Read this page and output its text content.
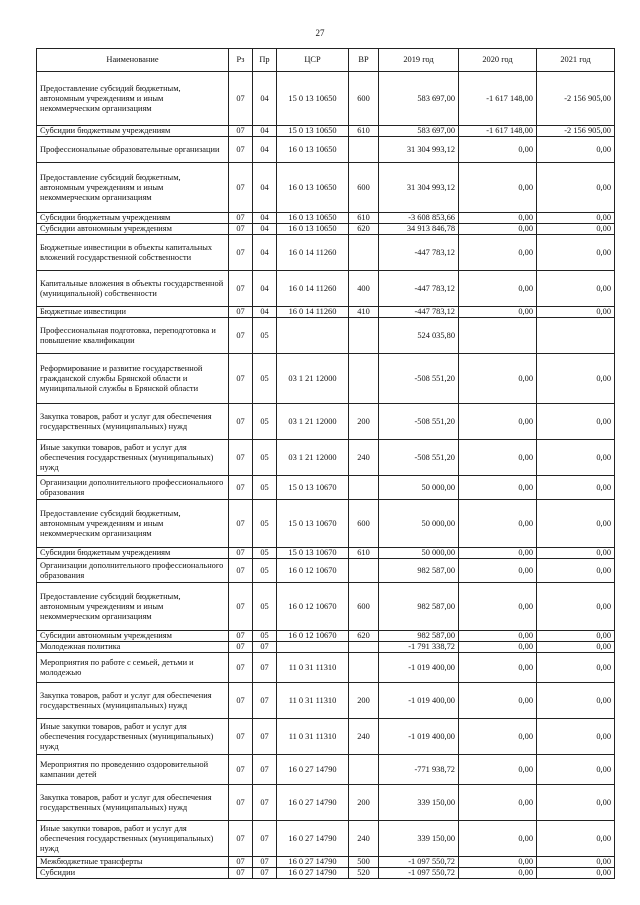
27
Наименование	Рз	Пр	ЦСР	ВР	2019 год	2020 год	2021 год
Предоставление субсидий бюджетным, автономным учреждениям и иным некоммерческим организациям	07	04	15 0 13 10650	600	583 697,00	-1 617 148,00	-2 156 905,00
Субсидии бюджетным учреждениям	07	04	15 0 13 10650	610	583 697,00	-1 617 148,00	-2 156 905,00
Профессиональные образовательные организации	07	04	16 0 13 10650		31 304 993,12	0,00	0,00
Предоставление субсидий бюджетным, автономным учреждениям и иным некоммерческим организациям	07	04	16 0 13 10650	600	31 304 993,12	0,00	0,00
Субсидии бюджетным учреждениям	07	04	16 0 13 10650	610	-3 608 853,66	0,00	0,00
Субсидии автономным учреждениям	07	04	16 0 13 10650	620	34 913 846,78	0,00	0,00
Бюджетные инвестиции в объекты капитальных вложений государственной собственности	07	04	16 0 14 11260		-447 783,12	0,00	0,00
Капитальные вложения в объекты государственной (муниципальной) собственности	07	04	16 0 14 11260	400	-447 783,12	0,00	0,00
Бюджетные инвестиции	07	04	16 0 14 11260	410	-447 783,12	0,00	0,00
Профессиональная подготовка, переподготовка и повышение квалификации	07	05			524 035,80		
Реформирование и развитие государственной гражданской службы Брянской области и муниципальной службы в Брянской области	07	05	03 1 21 12000		-508 551,20	0,00	0,00
Закупка товаров, работ и услуг для обеспечения государственных (муниципальных) нужд	07	05	03 1 21 12000	200	-508 551,20	0,00	0,00
Иные закупки товаров, работ и услуг для обеспечения государственных (муниципальных) нужд	07	05	03 1 21 12000	240	-508 551,20	0,00	0,00
Организации дополнительного профессионального образования	07	05	15 0 13 10670		50 000,00	0,00	0,00
Предоставление субсидий бюджетным, автономным учреждениям и иным некоммерческим организациям	07	05	15 0 13 10670	600	50 000,00	0,00	0,00
Субсидии бюджетным учреждениям	07	05	15 0 13 10670	610	50 000,00	0,00	0,00
Организации дополнительного профессионального образования	07	05	16 0 12 10670		982 587,00	0,00	0,00
Предоставление субсидий бюджетным, автономным учреждениям и иным некоммерческим организациям	07	05	16 0 12 10670	600	982 587,00	0,00	0,00
Субсидии автономным учреждениям	07	05	16 0 12 10670	620	982 587,00	0,00	0,00
Молодежная политика	07	07			-1 791 338,72	0,00	0,00
Мероприятия по работе с семьей, детьми и молодежью	07	07	11 0 31 11310		-1 019 400,00	0,00	0,00
Закупка товаров, работ и услуг для обеспечения государственных (муниципальных) нужд	07	07	11 0 31 11310	200	-1 019 400,00	0,00	0,00
Иные закупки товаров, работ и услуг для обеспечения государственных (муниципальных) нужд	07	07	11 0 31 11310	240	-1 019 400,00	0,00	0,00
Мероприятия по проведению оздоровительной кампании детей	07	07	16 0 27 14790		-771 938,72	0,00	0,00
Закупка товаров, работ и услуг для обеспечения государственных (муниципальных) нужд	07	07	16 0 27 14790	200	339 150,00	0,00	0,00
Иные закупки товаров, работ и услуг для обеспечения государственных (муниципальных) нужд	07	07	16 0 27 14790	240	339 150,00	0,00	0,00
Межбюджетные трансферты	07	07	16 0 27 14790	500	-1 097 550,72	0,00	0,00
Субсидии	07	07	16 0 27 14790	520	-1 097 550,72	0,00	0,00
